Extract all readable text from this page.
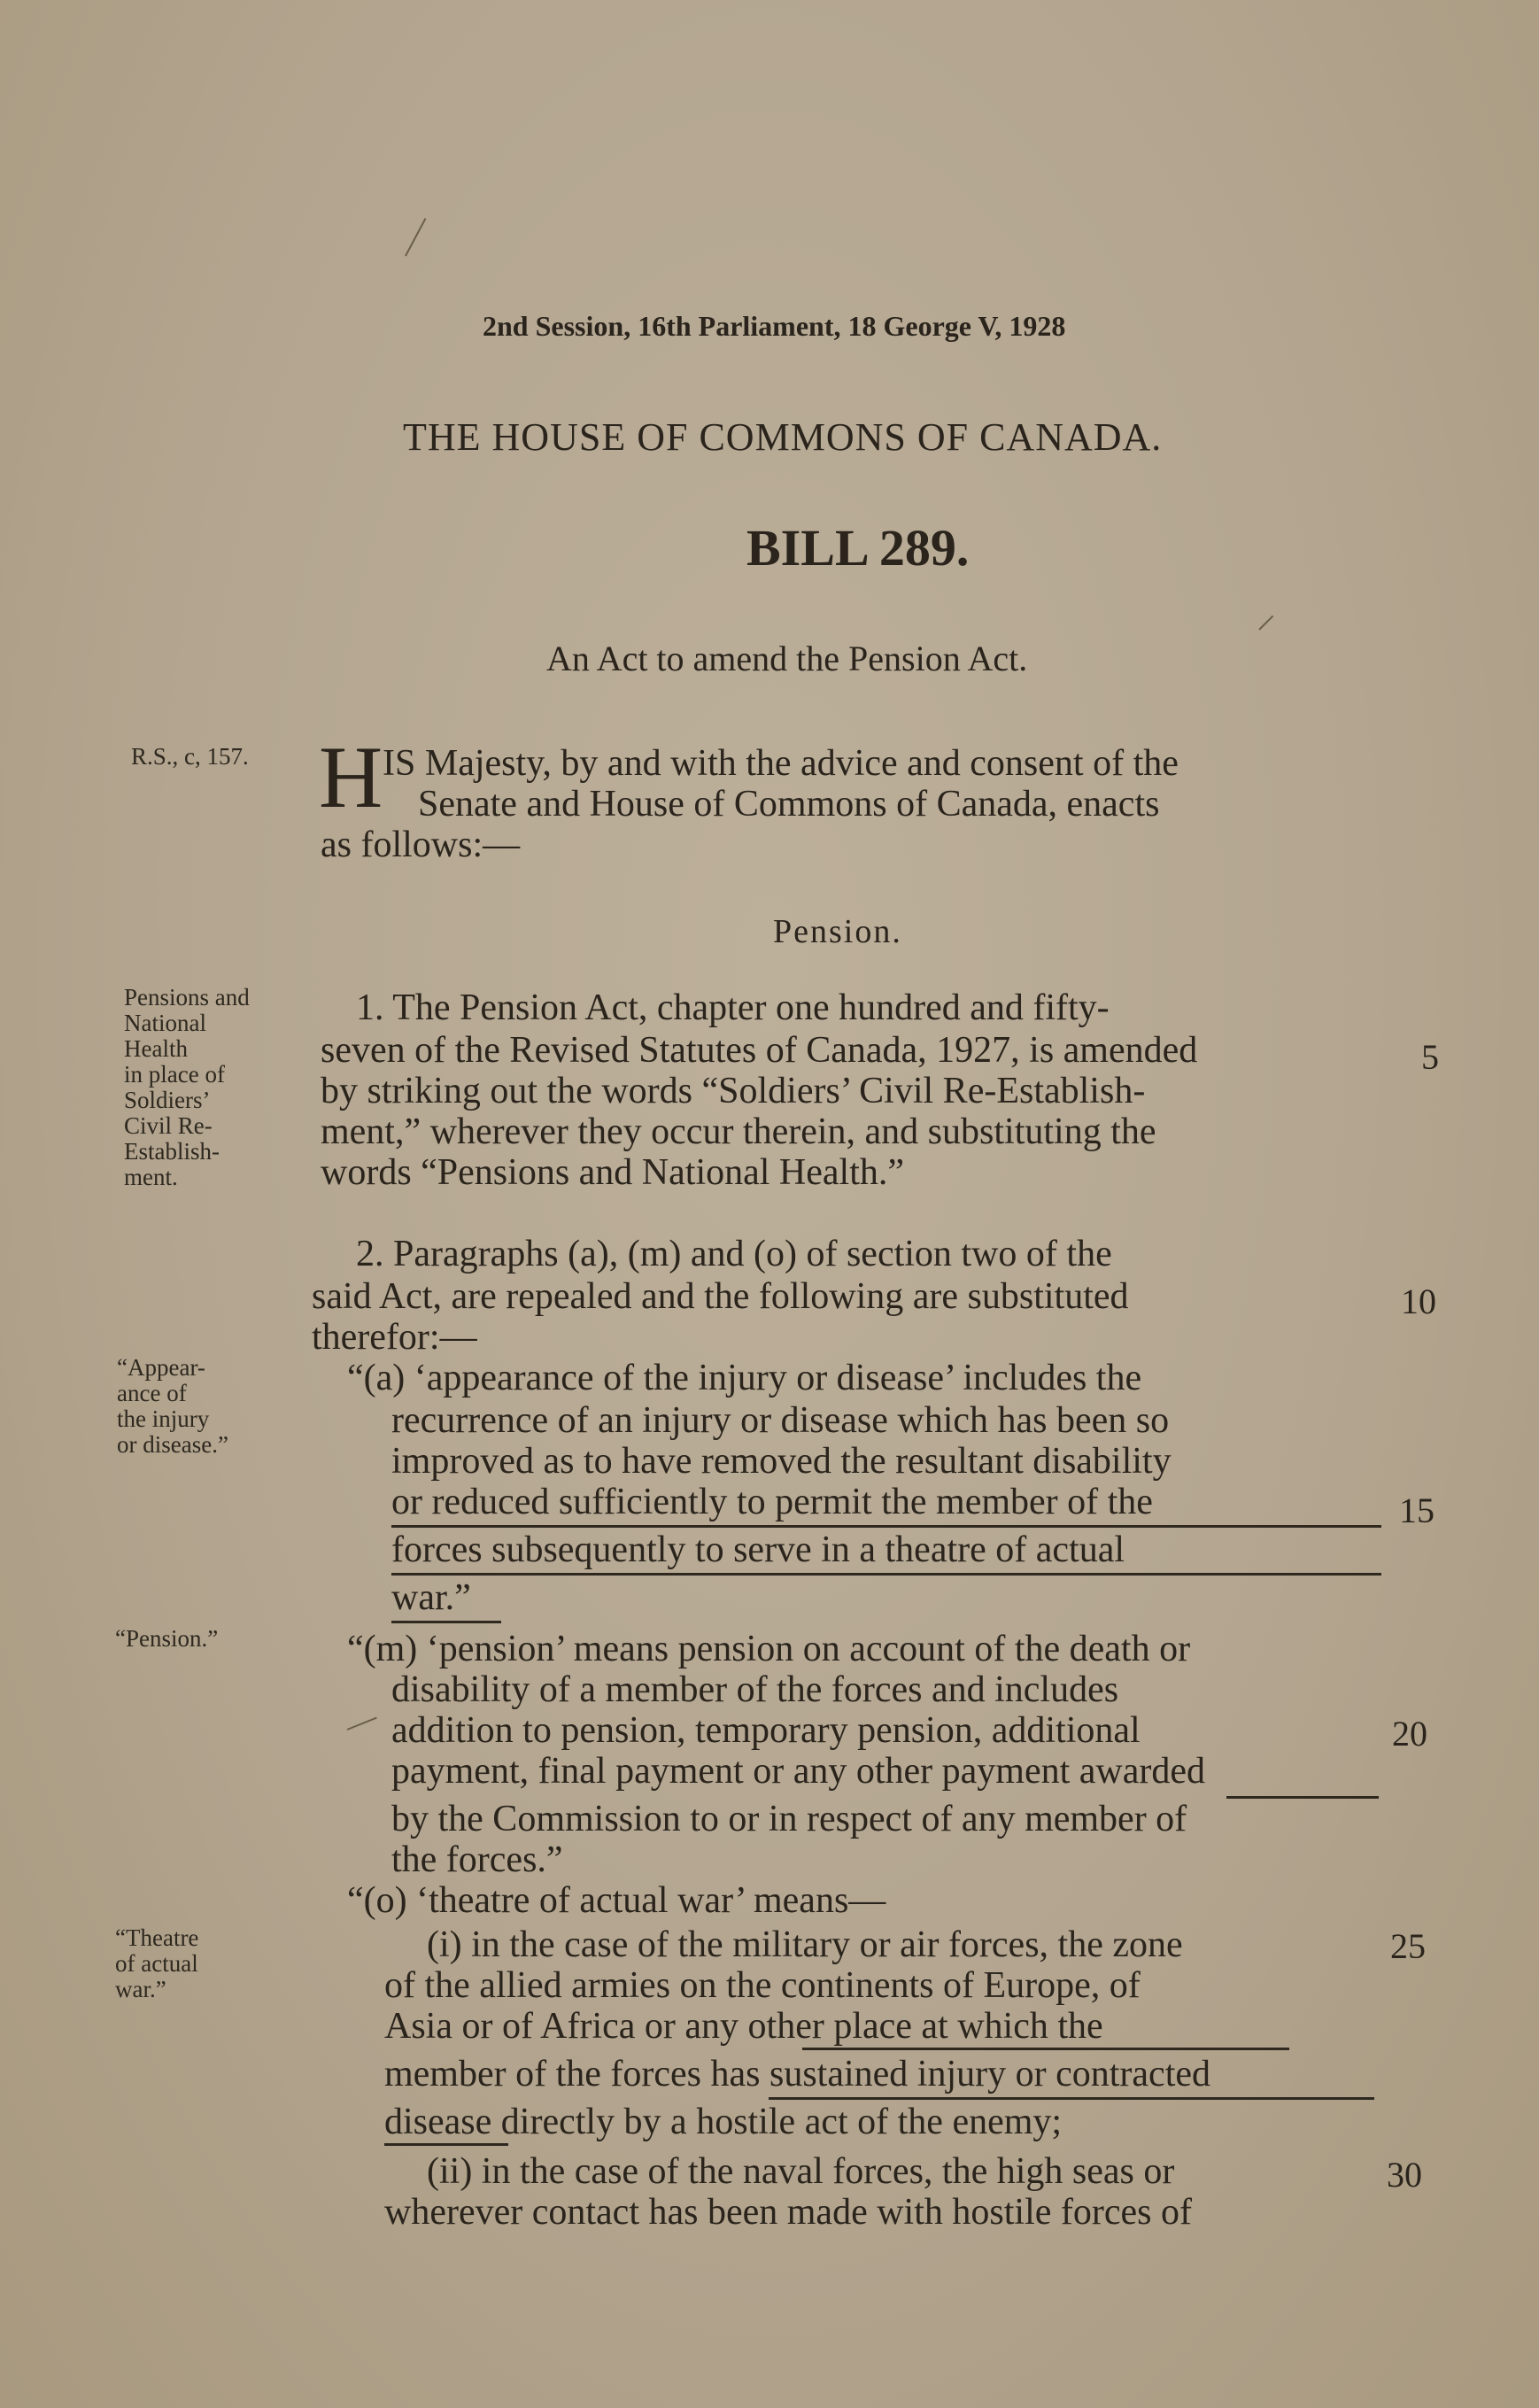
2nd Session, 16th Parliament, 18 George V, 1928
THE HOUSE OF COMMONS OF CANADA.
BILL 289.
An Act to amend the Pension Act.
R.S., c, 157. H IS Majesty, by and with the advice and consent of the
Senate and House of Commons of Canada, enacts
as follows:—
Pension.
Pensions and
National
Health
in place of
Soldiers’
Civil Re-
Establish-
ment.
1. The Pension Act, chapter one hundred and fifty-
seven of the Revised Statutes of Canada, 1927, is amended
by striking out the words “Soldiers’ Civil Re-Establish-
ment,” wherever they occur therein, and substituting the
words “Pensions and National Health.”
2. Paragraphs (a), (m) and (o) of section two of the
said Act, are repealed and the following are substituted
therefor:—
“Appear-
ance of
the injury
or disease.”
“(a) ‘appearance of the injury or disease’ includes the
recurrence of an injury or disease which has been so
improved as to have removed the resultant disability
or reduced sufficiently to permit the member of the
forces subsequently to serve in a theatre of actual
war.”
“Pension.”	“(m) ‘pension’ means pension on account of the death or
disability of a member of the forces and includes
addition to pension, temporary pension, additional
payment, final payment or any other payment awarded
by the Commission to or in respect of any member of
the forces.”
“(o) ‘theatre of actual war’ means—
“Theatre
of actual
war.”
(i) in the case of the military or air forces, the zone
of the allied armies on the continents of Europe, of
Asia or of Africa or any other place at which the
member of the forces has sustained injury or contracted
disease directly by a hostile act of the enemy;
(ii) in the case of the naval forces, the high seas or
wherever contact has been made with hostile forces of
5
10
15
20
25
30
